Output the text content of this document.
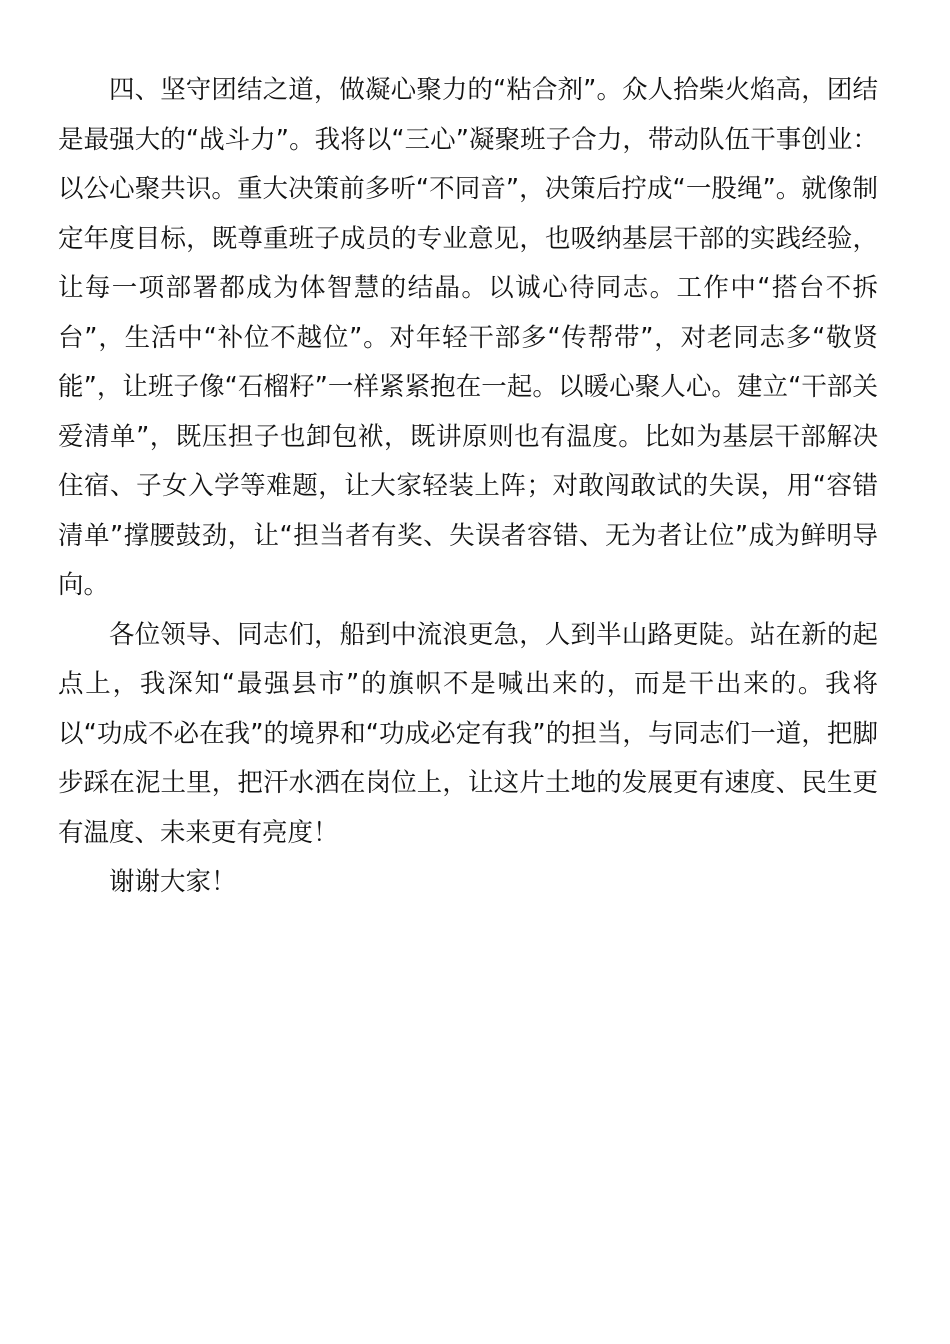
四、坚守团结之道，做凝心聚力的“粘合剂”。众人拾柴火焰高，团结是最强大的“战斗力”。我将以“三心”凝聚班子合力，带动队伍干事创业：以公心聚共识。重大决策前多听“不同音”，决策后拧成“一股绳”。就像制定年度目标，既尊重班子成员的专业意见，也吸纳基层干部的实践经验，让每一项部署都成为体智慧的结晶。以诚心待同志。工作中“搭台不拆台”，生活中“补位不越位”。对年轻干部多“传帮带”，对老同志多“敬贤能”，让班子像“石榴籽”一样紧紧抱在一起。以暖心聚人心。建立“干部关爱清单”，既压担子也卸包袱，既讲原则也有温度。比如为基层干部解决住宿、子女入学等难题，让大家轻装上阵；对敢闯敢试的失误，用“容错清单”撑腰鼓劲，让“担当者有奖、失误者容错、无为者让位”成为鲜明导向。

各位领导、同志们，船到中流浪更急，人到半山路更陡。站在新的起点上，我深知“最强县市”的旗帜不是喊出来的，而是干出来的。我将以“功成不必在我”的境界和“功成必定有我”的担当，与同志们一道，把脚步踩在泥土里，把汗水洒在岗位上，让这片土地的发展更有速度、民生更有温度、未来更有亮度！

谢谢大家！
